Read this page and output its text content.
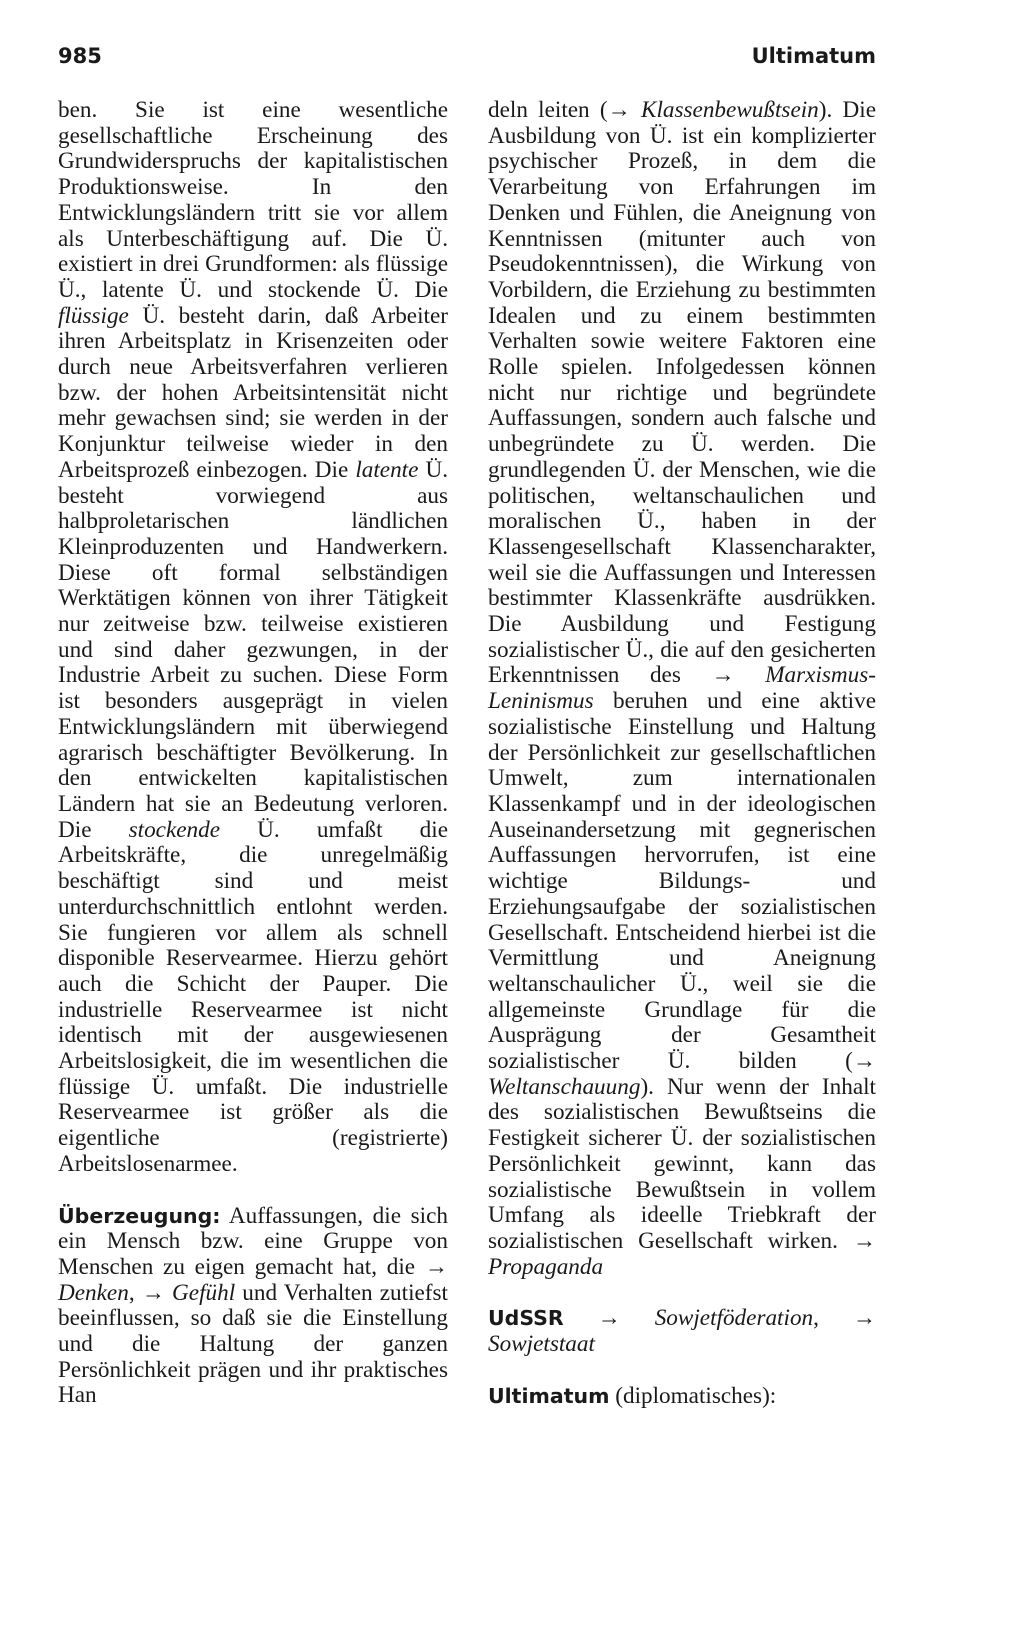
985	Ultimatum

ben. Sie ist eine wesentliche gesellschaftliche Erscheinung des Grundwiderspruchs der kapitalistischen Produktionsweise. In den Entwicklungsländern tritt sie vor allem als Unterbeschäftigung auf. Die Ü. existiert in drei Grundformen: als flüssige Ü., latente Ü. und stockende Ü. Die flüssige Ü. besteht darin, daß Arbeiter ihren Arbeitsplatz in Krisenzeiten oder durch neue Arbeitsverfahren verlieren bzw. der hohen Arbeitsintensität nicht mehr gewachsen sind; sie werden in der Konjunktur teilweise wieder in den Arbeitsprozeß einbezogen. Die latente Ü. besteht vorwiegend aus halbproletarischen ländlichen Kleinproduzenten und Handwerkern. Diese oft formal selbständigen Werktätigen können von ihrer Tätigkeit nur zeitweise bzw. teilweise existieren und sind daher gezwungen, in der Industrie Arbeit zu suchen. Diese Form ist besonders ausgeprägt in vielen Entwicklungsländern mit überwiegend agrarisch beschäftigter Bevölkerung. In den entwickelten kapitalistischen Ländern hat sie an Bedeutung verloren. Die stockende Ü. umfaßt die Arbeitskräfte, die unregelmäßig beschäftigt sind und meist unterdurchschnittlich entlohnt werden. Sie fungieren vor allem als schnell disponible Reservearmee. Hierzu gehört auch die Schicht der Pauper. Die industrielle Reservearmee ist nicht identisch mit der ausgewiesenen Arbeitslosigkeit, die im wesentlichen die flüssige Ü. umfaßt. Die industrielle Reservearmee ist größer als die eigentliche (registrierte) Arbeitslosenarmee.

Überzeugung: Auffassungen, die sich ein Mensch bzw. eine Gruppe von Menschen zu eigen gemacht hat, die → Denken, → Gefühl und Verhalten zutiefst beeinflussen, so daß sie die Einstellung und die Haltung der ganzen Persönlichkeit prägen und ihr praktisches Han

deln leiten (→ Klassenbewußtsein). Die Ausbildung von Ü. ist ein komplizierter psychischer Prozeß, in dem die Verarbeitung von Erfahrungen im Denken und Fühlen, die Aneignung von Kenntnissen (mitunter auch von Pseudokenntnissen), die Wirkung von Vorbildern, die Erziehung zu bestimmten Idealen und zu einem bestimmten Verhalten sowie weitere Faktoren eine Rolle spielen. Infolgedessen können nicht nur richtige und begründete Auffassungen, sondern auch falsche und unbegründete zu Ü. werden. Die grundlegenden Ü. der Menschen, wie die politischen, weltanschaulichen und moralischen Ü., haben in der Klassengesellschaft Klassencharakter, weil sie die Auffassungen und Interessen bestimmter Klassenkräfte ausdrükken. Die Ausbildung und Festigung sozialistischer Ü., die auf den gesicherten Erkenntnissen des → Marxismus-Leninismus beruhen und eine aktive sozialistische Einstellung und Haltung der Persönlichkeit zur gesellschaftlichen Umwelt, zum internationalen Klassenkampf und in der ideologischen Auseinandersetzung mit gegnerischen Auffassungen hervorrufen, ist eine wichtige Bildungs- und Erziehungsaufgabe der sozialistischen Gesellschaft. Entscheidend hierbei ist die Vermittlung und Aneignung weltanschaulicher Ü., weil sie die allgemeinste Grundlage für die Ausprägung der Gesamtheit sozialistischer Ü. bilden (→ Weltanschauung). Nur wenn der Inhalt des sozialistischen Bewußtseins die Festigkeit sicherer Ü. der sozialistischen Persönlichkeit gewinnt, kann das sozialistische Bewußtsein in vollem Umfang als ideelle Triebkraft der sozialistischen Gesellschaft wirken. → Propaganda

UdSSR → Sowjetföderation, → Sowjetstaat

Ultimatum (diplomatisches):
